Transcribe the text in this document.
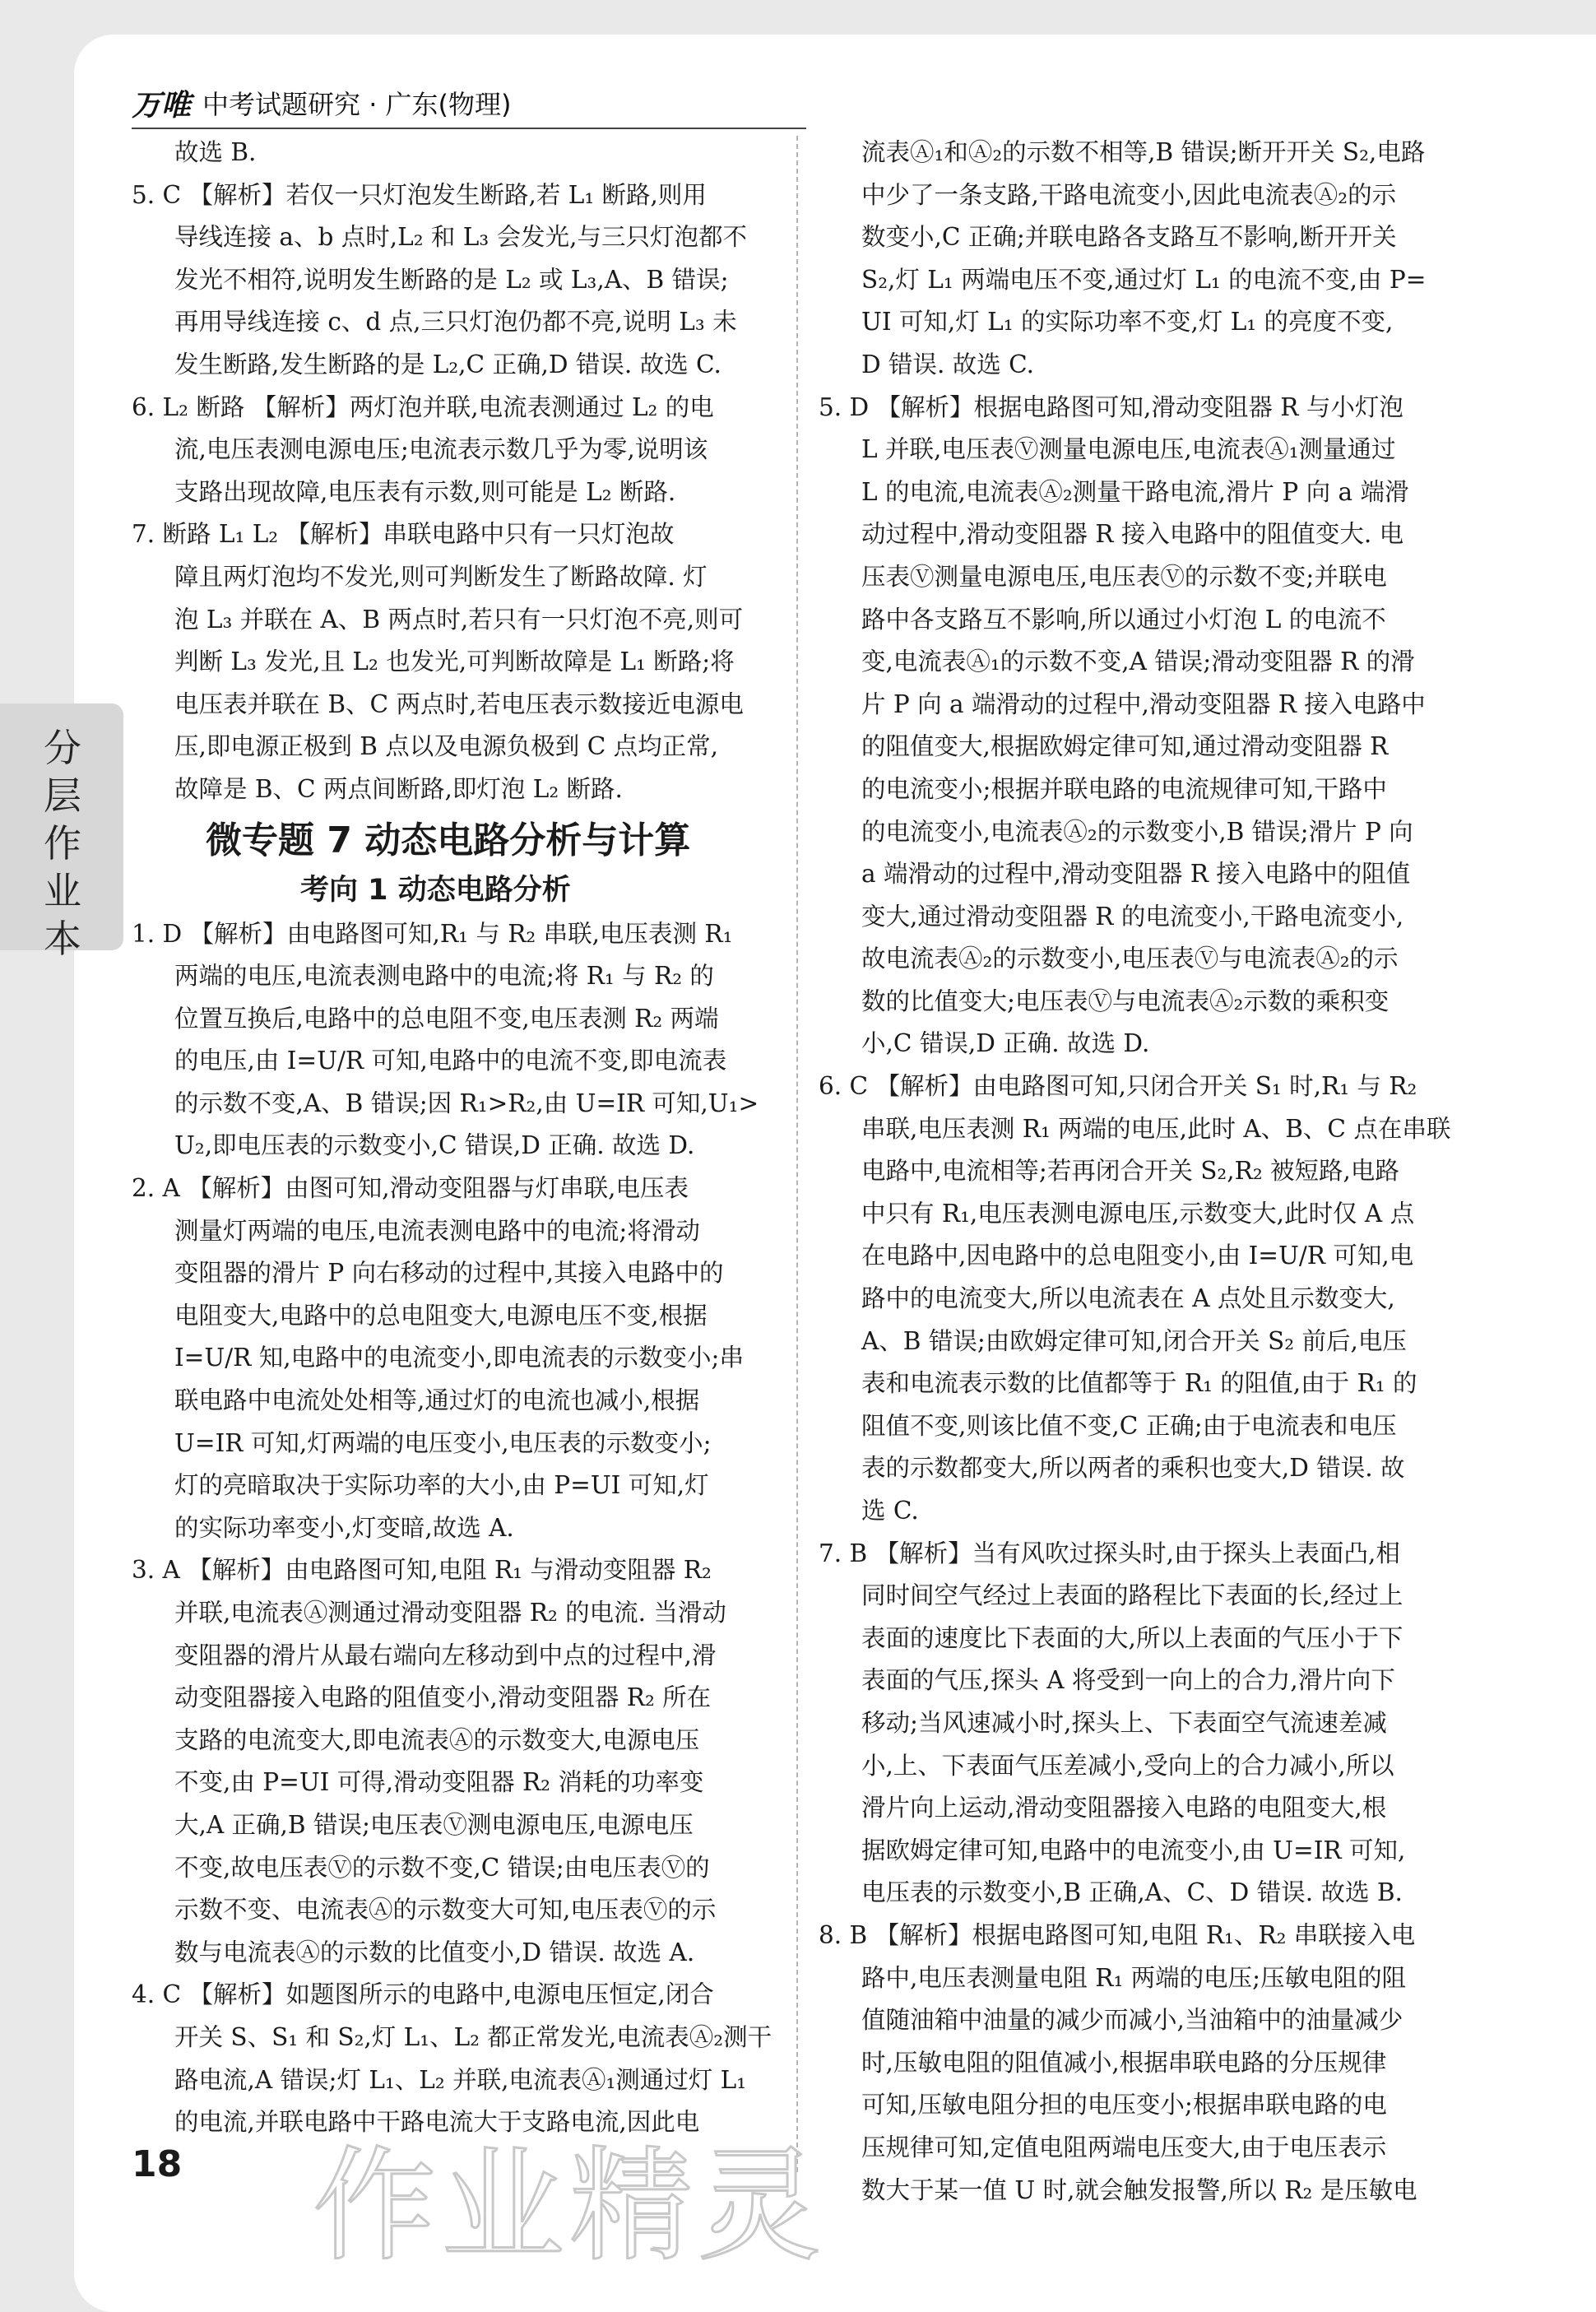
万唯 中考试题研究 · 广东(物理)
分层作业本
故选 B.
5. C 【解析】若仅一只灯泡发生断路,若 L₁ 断路,则用
导线连接 a、b 点时,L₂ 和 L₃ 会发光,与三只灯泡都不
发光不相符,说明发生断路的是 L₂ 或 L₃,A、B 错误;
再用导线连接 c、d 点,三只灯泡仍都不亮,说明 L₃ 未
发生断路,发生断路的是 L₂,C 正确,D 错误. 故选 C.
6. L₂ 断路 【解析】两灯泡并联,电流表测通过 L₂ 的电
流,电压表测电源电压;电流表示数几乎为零,说明该
支路出现故障,电压表有示数,则可能是 L₂ 断路.
7. 断路 L₁ L₂ 【解析】串联电路中只有一只灯泡故
障且两灯泡均不发光,则可判断发生了断路故障. 灯
泡 L₃ 并联在 A、B 两点时,若只有一只灯泡不亮,则可
判断 L₃ 发光,且 L₂ 也发光,可判断故障是 L₁ 断路;将
电压表并联在 B、C 两点时,若电压表示数接近电源电
压,即电源正极到 B 点以及电源负极到 C 点均正常,
故障是 B、C 两点间断路,即灯泡 L₂ 断路.
微专题 7 动态电路分析与计算
考向 1 动态电路分析
1. D 【解析】由电路图可知,R₁ 与 R₂ 串联,电压表测 R₁
两端的电压,电流表测电路中的电流;将 R₁ 与 R₂ 的
位置互换后,电路中的总电阻不变,电压表测 R₂ 两端
的电压,由 I=U/R 可知,电路中的电流不变,即电流表
的示数不变,A、B 错误;因 R₁>R₂,由 U=IR 可知,U₁>
U₂,即电压表的示数变小,C 错误,D 正确. 故选 D.
2. A 【解析】由图可知,滑动变阻器与灯串联,电压表
测量灯两端的电压,电流表测电路中的电流;将滑动
变阻器的滑片 P 向右移动的过程中,其接入电路中的
电阻变大,电路中的总电阻变大,电源电压不变,根据
I=U/R 知,电路中的电流变小,即电流表的示数变小;串
联电路中电流处处相等,通过灯的电流也减小,根据
U=IR 可知,灯两端的电压变小,电压表的示数变小;
灯的亮暗取决于实际功率的大小,由 P=UI 可知,灯
的实际功率变小,灯变暗,故选 A.
3. A 【解析】由电路图可知,电阻 R₁ 与滑动变阻器 R₂
并联,电流表Ⓐ测通过滑动变阻器 R₂ 的电流. 当滑动
变阻器的滑片从最右端向左移动到中点的过程中,滑
动变阻器接入电路的阻值变小,滑动变阻器 R₂ 所在
支路的电流变大,即电流表Ⓐ的示数变大,电源电压
不变,由 P=UI 可得,滑动变阻器 R₂ 消耗的功率变
大,A 正确,B 错误;电压表Ⓥ测电源电压,电源电压
不变,故电压表Ⓥ的示数不变,C 错误;由电压表Ⓥ的
示数不变、电流表Ⓐ的示数变大可知,电压表Ⓥ的示
数与电流表Ⓐ的示数的比值变小,D 错误. 故选 A.
4. C 【解析】如题图所示的电路中,电源电压恒定,闭合
开关 S、S₁ 和 S₂,灯 L₁、L₂ 都正常发光,电流表Ⓐ₂测干
路电流,A 错误;灯 L₁、L₂ 并联,电流表Ⓐ₁测通过灯 L₁
的电流,并联电路中干路电流大于支路电流,因此电
流表Ⓐ₁和Ⓐ₂的示数不相等,B 错误;断开开关 S₂,电路
中少了一条支路,干路电流变小,因此电流表Ⓐ₂的示
数变小,C 正确;并联电路各支路互不影响,断开开关
S₂,灯 L₁ 两端电压不变,通过灯 L₁ 的电流不变,由 P=
UI 可知,灯 L₁ 的实际功率不变,灯 L₁ 的亮度不变,
D 错误. 故选 C.
5. D 【解析】根据电路图可知,滑动变阻器 R 与小灯泡
L 并联,电压表Ⓥ测量电源电压,电流表Ⓐ₁测量通过
L 的电流,电流表Ⓐ₂测量干路电流,滑片 P 向 a 端滑
动过程中,滑动变阻器 R 接入电路中的阻值变大. 电
压表Ⓥ测量电源电压,电压表Ⓥ的示数不变;并联电
路中各支路互不影响,所以通过小灯泡 L 的电流不
变,电流表Ⓐ₁的示数不变,A 错误;滑动变阻器 R 的滑
片 P 向 a 端滑动的过程中,滑动变阻器 R 接入电路中
的阻值变大,根据欧姆定律可知,通过滑动变阻器 R
的电流变小;根据并联电路的电流规律可知,干路中
的电流变小,电流表Ⓐ₂的示数变小,B 错误;滑片 P 向
a 端滑动的过程中,滑动变阻器 R 接入电路中的阻值
变大,通过滑动变阻器 R 的电流变小,干路电流变小,
故电流表Ⓐ₂的示数变小,电压表Ⓥ与电流表Ⓐ₂的示
数的比值变大;电压表Ⓥ与电流表Ⓐ₂示数的乘积变
小,C 错误,D 正确. 故选 D.
6. C 【解析】由电路图可知,只闭合开关 S₁ 时,R₁ 与 R₂
串联,电压表测 R₁ 两端的电压,此时 A、B、C 点在串联
电路中,电流相等;若再闭合开关 S₂,R₂ 被短路,电路
中只有 R₁,电压表测电源电压,示数变大,此时仅 A 点
在电路中,因电路中的总电阻变小,由 I=U/R 可知,电
路中的电流变大,所以电流表在 A 点处且示数变大,
A、B 错误;由欧姆定律可知,闭合开关 S₂ 前后,电压
表和电流表示数的比值都等于 R₁ 的阻值,由于 R₁ 的
阻值不变,则该比值不变,C 正确;由于电流表和电压
表的示数都变大,所以两者的乘积也变大,D 错误. 故
选 C.
7. B 【解析】当有风吹过探头时,由于探头上表面凸,相
同时间空气经过上表面的路程比下表面的长,经过上
表面的速度比下表面的大,所以上表面的气压小于下
表面的气压,探头 A 将受到一向上的合力,滑片向下
移动;当风速减小时,探头上、下表面空气流速差减
小,上、下表面气压差减小,受向上的合力减小,所以
滑片向上运动,滑动变阻器接入电路的电阻变大,根
据欧姆定律可知,电路中的电流变小,由 U=IR 可知,
电压表的示数变小,B 正确,A、C、D 错误. 故选 B.
8. B 【解析】根据电路图可知,电阻 R₁、R₂ 串联接入电
路中,电压表测量电阻 R₁ 两端的电压;压敏电阻的阻
值随油箱中油量的减少而减小,当油箱中的油量减少
时,压敏电阻的阻值减小,根据串联电路的分压规律
可知,压敏电阻分担的电压变小;根据串联电路的电
压规律可知,定值电阻两端电压变大,由于电压表示
数大于某一值 U 时,就会触发报警,所以 R₂ 是压敏电
作业精灵
18
